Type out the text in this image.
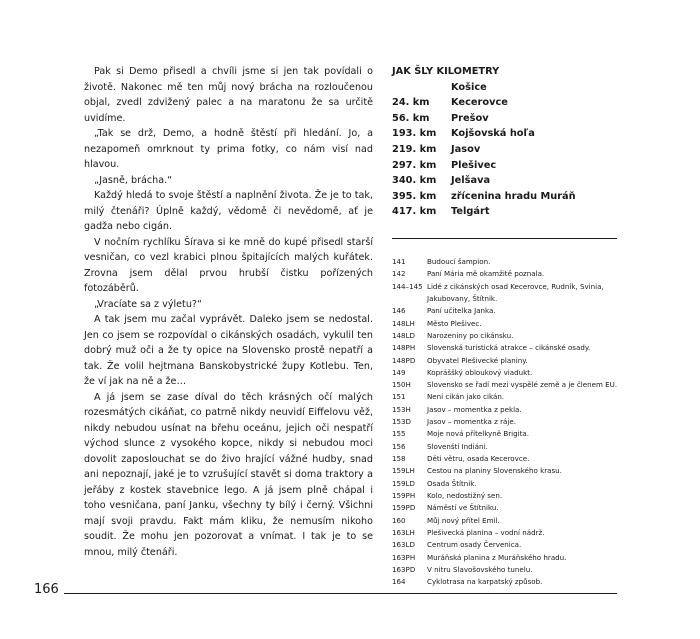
Pak si Demo přisedl a chvíli jsme si jen tak povídali o životě. Nakonec mě ten můj nový brácha na rozloučenou objal, zvedl zdvižený palec a na maratonu že sa určitě uvidíme.

„Tak se drž, Demo, a hodně štěstí při hledání. Jo, a nezapomeň omrknout ty prima fotky, co nám visí nad hlavou.

„Jasně, brácha.“

Každý hledá to svoje štěstí a naplnění života. Že je to tak, milý čtenáři? Úplně každý, vědomě či nevědomě, ať je gadža nebo cigán.

V nočním rychlíku Šírava si ke mně do kupé přisedl starší vesničan, co vezl krabici plnou špitajících malých kuřátek. Zrovna jsem dělal prvou hrubší čistku pořízených fotozáběrů.

„Vracíate sa z výletu?“

A tak jsem mu začal vyprávět. Daleko jsem se nedostal. Jen co jsem se rozpovídal o cikánských osadách, vykulil ten dobrý muž oči a že ty opice na Slovensko prostě nepatří a tak. Že volil hejtmana Banskobystrické župy Kotlebu. Ten, že ví jak na ně a že…

A já jsem se zase díval do těch krásných očí malých rozesmátých cikáňat, co patrně nikdy neuvidí Eiffelovu věž, nikdy nebudou usínat na břehu oceánu, jejich oči nespatří východ slunce z vysokého kopce, nikdy si nebudou moci dovolit zaposlouchat se do živo hrající vážné hudby, snad ani nepoznají, jaké je to vzrušující stavět si doma traktory a jeřáby z kostek stavebnice lego. A já jsem plně chápal i toho vesničana, paní Janku, všechny ty bílý i černý. Všichni mají svoji pravdu. Fakt mám kliku, že nemusím nikoho soudit. Že mohu jen pozorovat a vnímat. I tak je to se mnou, milý čtenáři.

JAK ŠLY KILOMETRY

Košice
24. km	Kecerovce
56. km	Prešov
193. km	Kojšovská hoľa
219. km	Jasov
297. km	Plešivec
340. km	Jelšava
395. km	zřícenina hradu Muráň
417. km	Telgárt
141	Budoucí šampion.
142	Paní Mária mě okamžitě poznala.
144–145 Lidé z cikánských osad Kecerovce, Rudník, Svinia, Jakubovany, Štítnik.
146	Paní učitelka Janka.
148LH	Město Plešivec.
148LD	Narozeniny po cikánsku.
148PH	Slovenská turistická atrakce – cikánské osady.
148PD	Obyvatel Plešivecké planiny.
149	Kopráššký obloukový viadukt.
150H	Slovensko se řadí mezi vyspělé země a je členem EU.
151	Není cikán jako cikán.
153H	Jasov – momentka z pekla.
153D	Jasov – momentka z ráje.
155	Moje nová přítelkyně Brigita.
156	Slovenští Indiáni.
158	Děti větru, osada Kecerovce.
159LH	Cestou na planiny Slovenského krasu.
159LD	Osada Štítnik.
159PH	Kolo, nedostižný sen.
159PD	Náměstí ve Štítniku.
160	Můj nový přítel Emil.
163LH	Plešivecká planina – vodní nádrž.
163LD	Centrum osady Červenica.
163PH	Muráňská planina z Muráňského hradu.
163PD	V nitru Slavošovského tunelu.
164	Cyklotrasa na karpatský způsob.
166
